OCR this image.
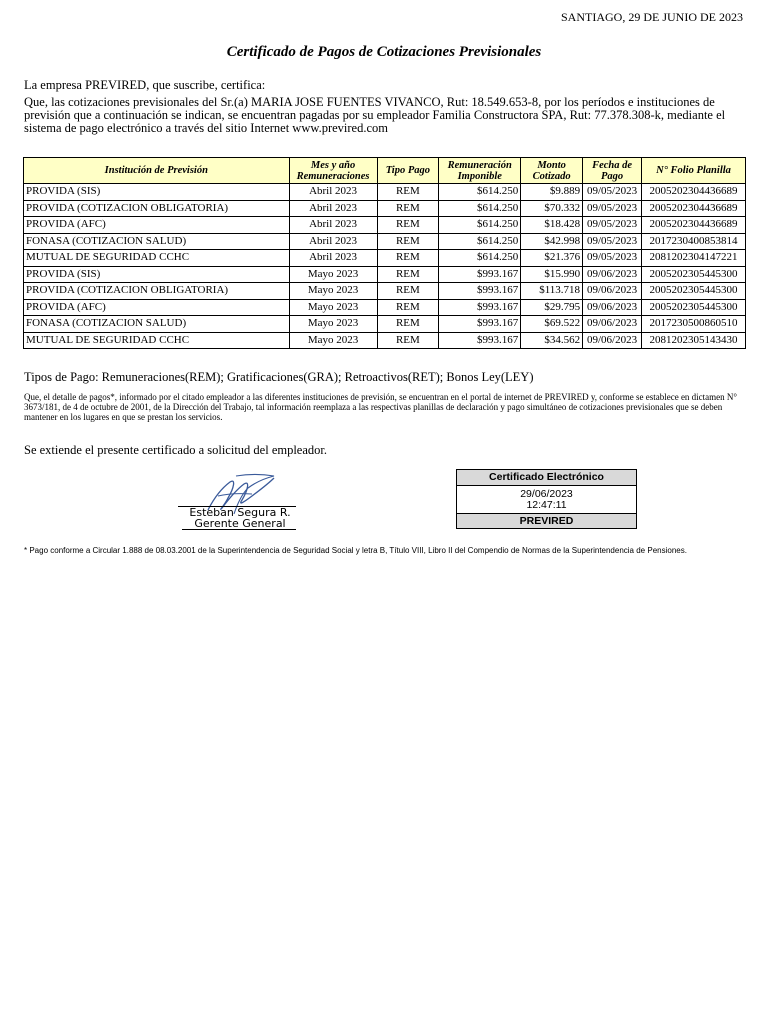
SANTIAGO, 29 DE JUNIO DE 2023
Certificado de Pagos de Cotizaciones Previsionales
La empresa PREVIRED, que suscribe, certifica:
Que, las cotizaciones previsionales del Sr.(a) MARIA JOSE FUENTES VIVANCO, Rut: 18.549.653-8, por los períodos e instituciones de previsión que a continuación se indican, se encuentran pagadas por su empleador Familia Constructora SPA, Rut: 77.378.308-k, mediante el sistema de pago electrónico a través del sitio Internet www.previred.com
Institución de Previsión	Mes y año Remuneraciones	Tipo Pago	Remuneración Imponible	Monto Cotizado	Fecha de Pago	N° Folio Planilla
PROVIDA (SIS)	Abril 2023	REM	$614.250	$9.889	09/05/2023	2005202304436689
PROVIDA (COTIZACION OBLIGATORIA)	Abril 2023	REM	$614.250	$70.332	09/05/2023	2005202304436689
PROVIDA (AFC)	Abril 2023	REM	$614.250	$18.428	09/05/2023	2005202304436689
FONASA (COTIZACION SALUD)	Abril 2023	REM	$614.250	$42.998	09/05/2023	2017230400853814
MUTUAL DE SEGURIDAD CCHC	Abril 2023	REM	$614.250	$21.376	09/05/2023	2081202304147221
PROVIDA (SIS)	Mayo 2023	REM	$993.167	$15.990	09/06/2023	2005202305445300
PROVIDA (COTIZACION OBLIGATORIA)	Mayo 2023	REM	$993.167	$113.718	09/06/2023	2005202305445300
PROVIDA (AFC)	Mayo 2023	REM	$993.167	$29.795	09/06/2023	2005202305445300
FONASA (COTIZACION SALUD)	Mayo 2023	REM	$993.167	$69.522	09/06/2023	2017230500860510
MUTUAL DE SEGURIDAD CCHC	Mayo 2023	REM	$993.167	$34.562	09/06/2023	2081202305143430
Tipos de Pago: Remuneraciones(REM); Gratificaciones(GRA); Retroactivos(RET); Bonos Ley(LEY)
Que, el detalle de pagos*, informado por el citado empleador a las diferentes instituciones de previsión, se encuentran en el portal de internet de PREVIRED y, conforme se establece en dictamen N° 3673/181, de 4 de octubre de 2001, de la Dirección del Trabajo, tal información reemplaza a las respectivas planillas de declaración y pago simultáneo de cotizaciones previsionales que se deben mantener en los lugares en que se prestan los servicios.
Se extiende el presente certificado a solicitud del empleador.
Esteban Segura R.
Gerente General
Certificado Electrónico
29/06/2023
12:47:11
PREVIRED
* Pago conforme a Circular 1.888 de 08.03.2001 de la Superintendencia de Seguridad Social y letra B, Título VIII, Libro II del Compendio de Normas de la Superintendencia de Pensiones.
